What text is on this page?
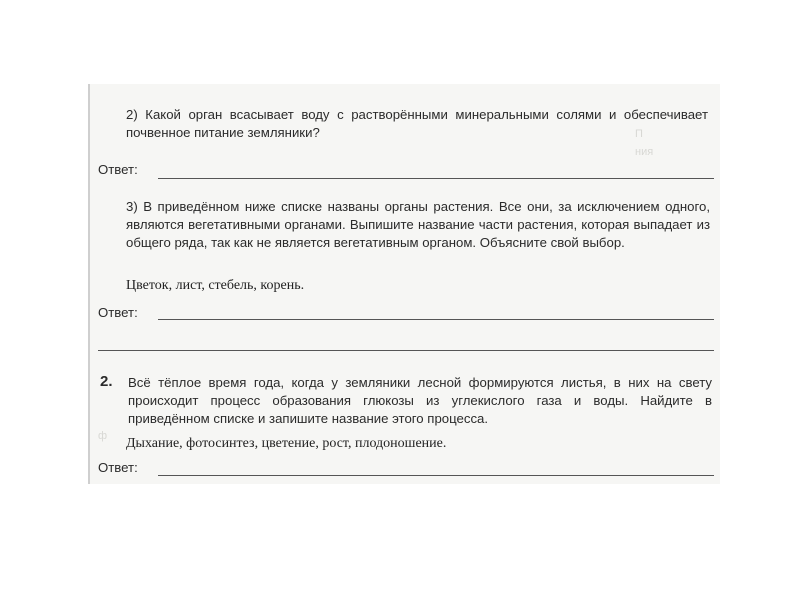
П
ния
ф
2) Какой орган всасывает воду с растворёнными минеральными солями и обеспечивает почвенное питание земляники?
Ответ:
3) В приведённом ниже списке названы органы растения. Все они, за исключением одного, являются вегетативными органами. Выпишите название части растения, которая выпадает из общего ряда, так как не является вегетативным органом. Объясните свой выбор.
Цветок, лист, стебель, корень.
Ответ:
2.	Всё тёплое время года, когда у земляники лесной формируются листья, в них на свету происходит процесс образования глюкозы из углекислого газа и воды. Найдите в приведённом списке и запишите название этого процесса.
Дыхание, фотосинтез, цветение, рост, плодоношение.
Ответ:
